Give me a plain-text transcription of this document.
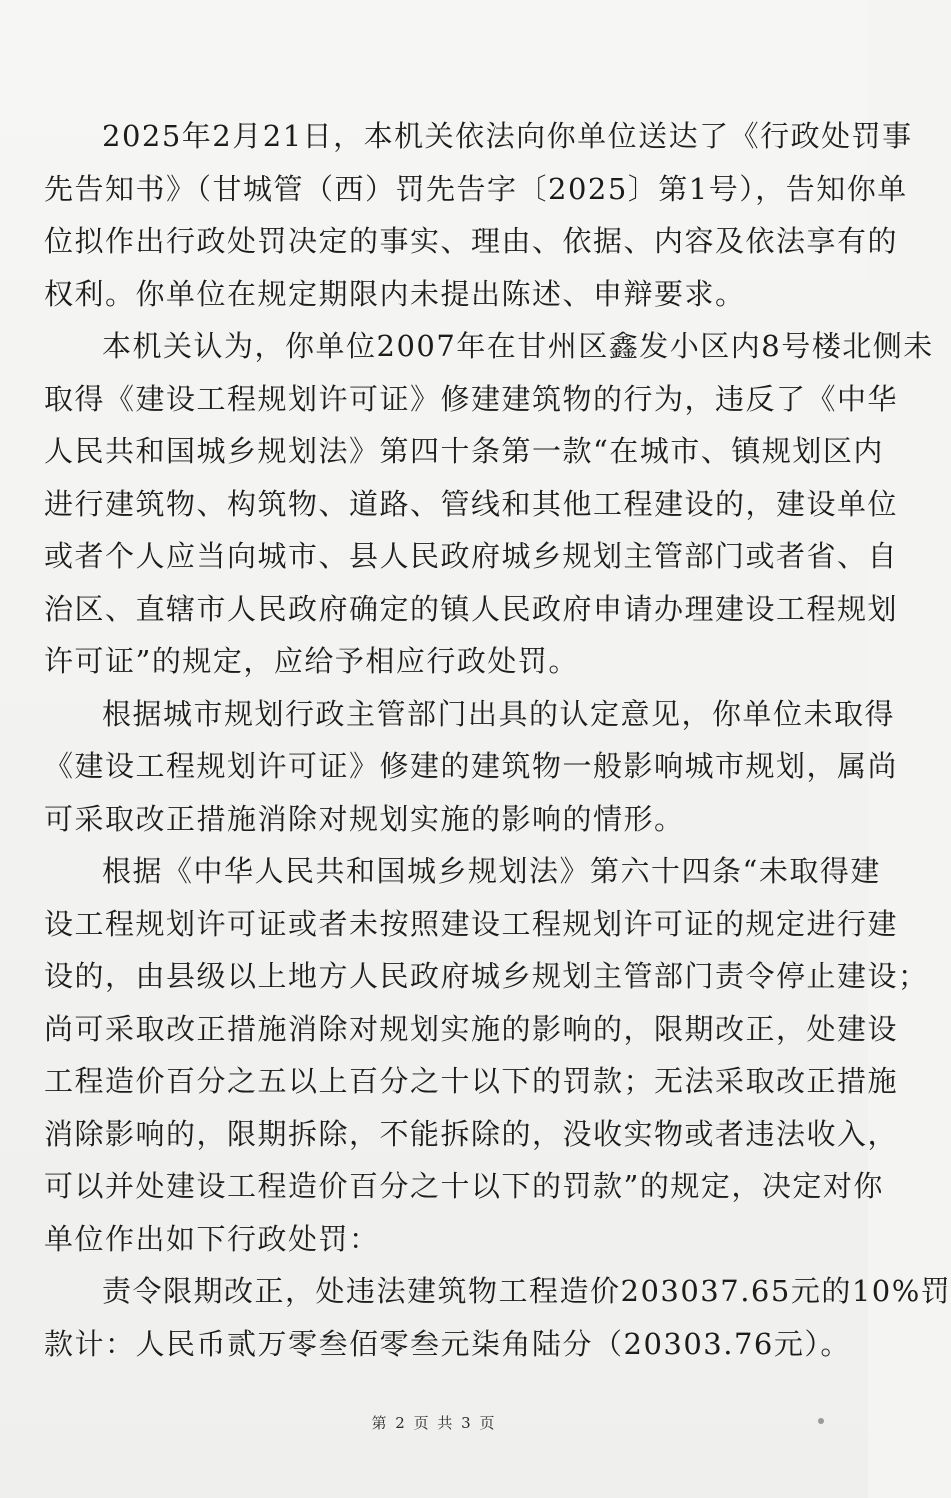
2025年2月21日，本机关依法向你单位送达了《行政处罚事
先告知书》（甘城管（西）罚先告字〔2025〕第1号），告知你单
位拟作出行政处罚决定的事实、理由、依据、内容及依法享有的
权利。你单位在规定期限内未提出陈述、申辩要求。
本机关认为，你单位2007年在甘州区鑫发小区内8号楼北侧未
取得《建设工程规划许可证》修建建筑物的行为，违反了《中华
人民共和国城乡规划法》第四十条第一款“在城市、镇规划区内
进行建筑物、构筑物、道路、管线和其他工程建设的，建设单位
或者个人应当向城市、县人民政府城乡规划主管部门或者省、自
治区、直辖市人民政府确定的镇人民政府申请办理建设工程规划
许可证”的规定，应给予相应行政处罚。
根据城市规划行政主管部门出具的认定意见，你单位未取得
《建设工程规划许可证》修建的建筑物一般影响城市规划，属尚
可采取改正措施消除对规划实施的影响的情形。
根据《中华人民共和国城乡规划法》第六十四条“未取得建
设工程规划许可证或者未按照建设工程规划许可证的规定进行建
设的，由县级以上地方人民政府城乡规划主管部门责令停止建设；
尚可采取改正措施消除对规划实施的影响的，限期改正，处建设
工程造价百分之五以上百分之十以下的罚款；无法采取改正措施
消除影响的，限期拆除，不能拆除的，没收实物或者违法收入，
可以并处建设工程造价百分之十以下的罚款”的规定，决定对你
单位作出如下行政处罚：
责令限期改正，处违法建筑物工程造价203037.65元的10%罚
款计：人民币贰万零叁佰零叁元柒角陆分（20303.76元）。
第 2 页 共 3 页
